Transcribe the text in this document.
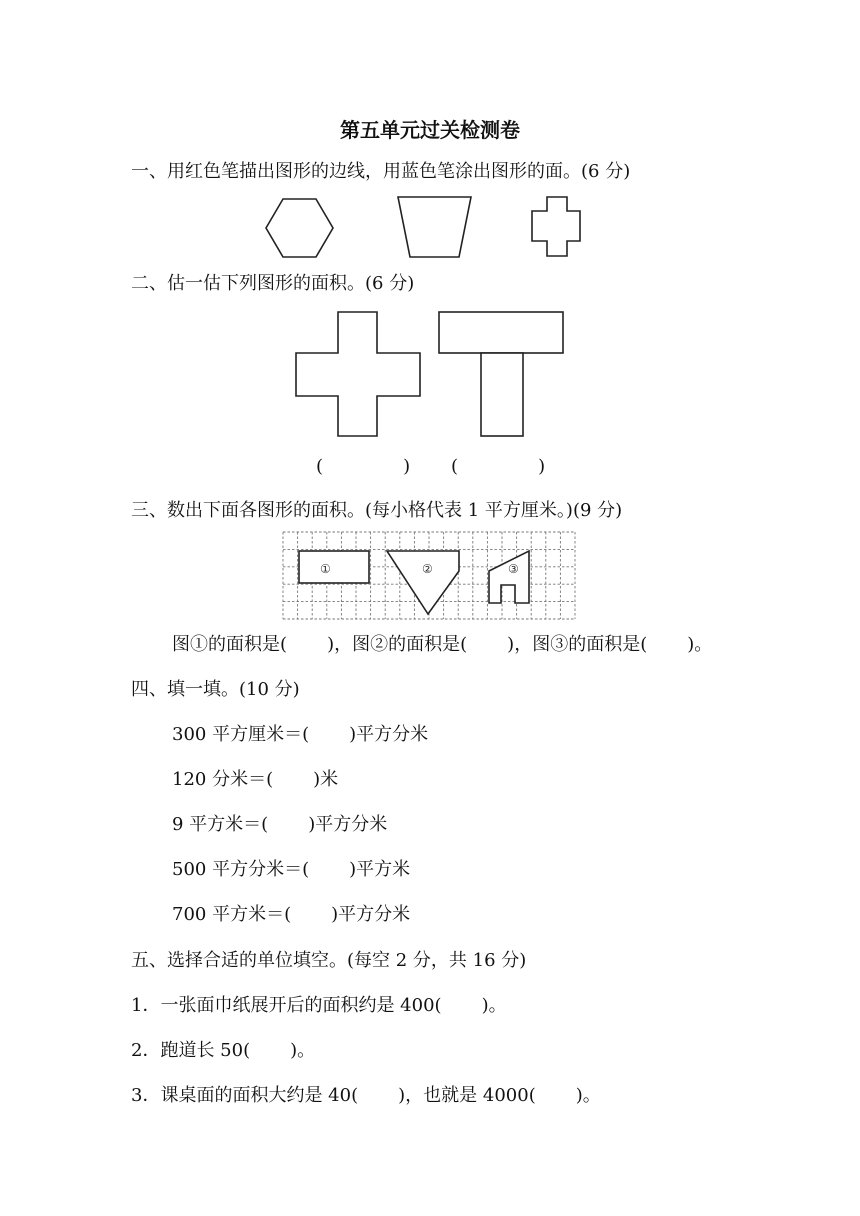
第五单元过关检测卷
一、用红色笔描出图形的边线，用蓝色笔涂出图形的面。(6 分)
二、估一估下列图形的面积。(6 分)
(              ) (              )
三、数出下面各图形的面积。(每小格代表 1 平方厘米。)(9 分)
①	②	③
图①的面积是(       )，图②的面积是(       )，图③的面积是(       )。
四、填一填。(10 分)
300 平方厘米＝(       )平方分米
120 分米＝(       )米
9 平方米＝(       )平方分米
500 平方分米＝(       )平方米
700 平方米＝(       )平方分米
五、选择合适的单位填空。(每空 2 分，共 16 分)
1．一张面巾纸展开后的面积约是 400(       )。
2．跑道长 50(       )。
3．课桌面的面积大约是 40(       )，也就是 4000(       )。
